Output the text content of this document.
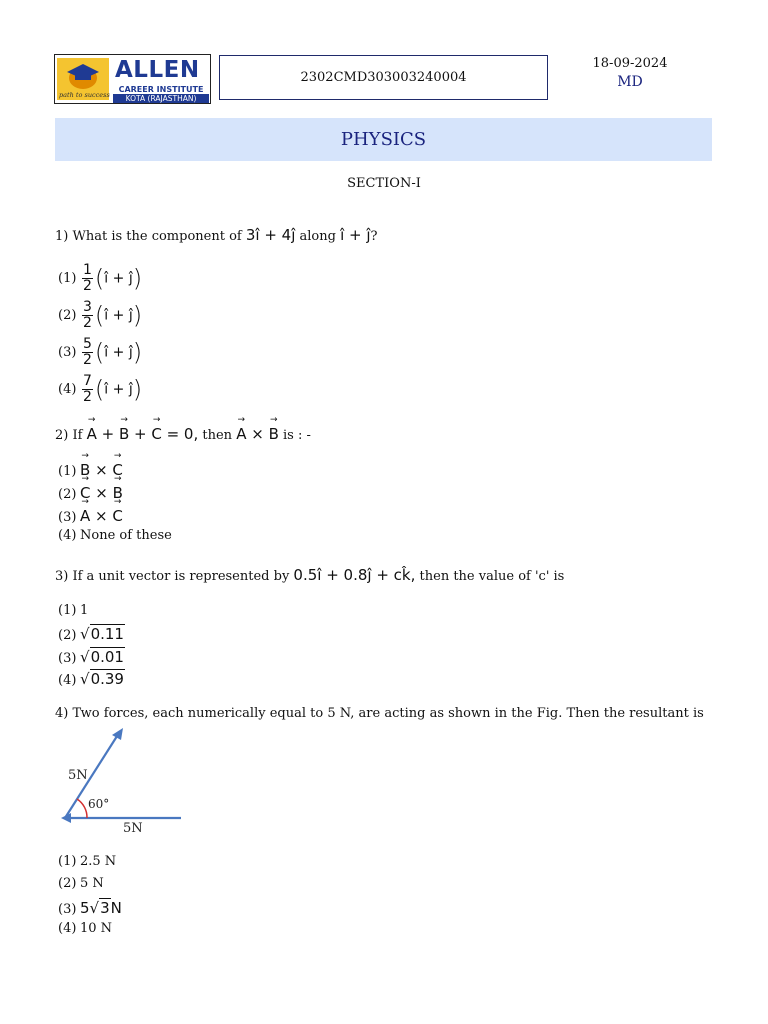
ALLEN
CAREER INSTITUTE
KOTA (RAJASTHAN)
path to success
2302CMD303003240004
18-09-2024
MD
PHYSICS
SECTION-I
1) What is the component of 3î + 4ĵ along î + ĵ?
$(1) \frac{1}{2}$ (î + ĵ)
$(2) \frac{3}{2}$ (î + ĵ)
$(3) \frac{5}{2}$ (î + ĵ)
$(4) \frac{7}{2}$ (î + ĵ)
2) If → A + → B + → C = 0, then → A × → B is : -
(1) → B × → C
(2) → C × → B
(3) → A × → C
(4) None of these
3) If a unit vector is represented by 0.5î + 0.8ĵ + ck̂, then the value of 'c' is
(1) 1
(2) √0.11
(3) √0.01
(4) √0.39
4) Two forces, each numerically equal to 5 N, are acting as shown in the Fig. Then the resultant is
5N
60°
5N
(1) 2.5 N
(2) 5 N
(3) 5√3N
(4) 10 N
